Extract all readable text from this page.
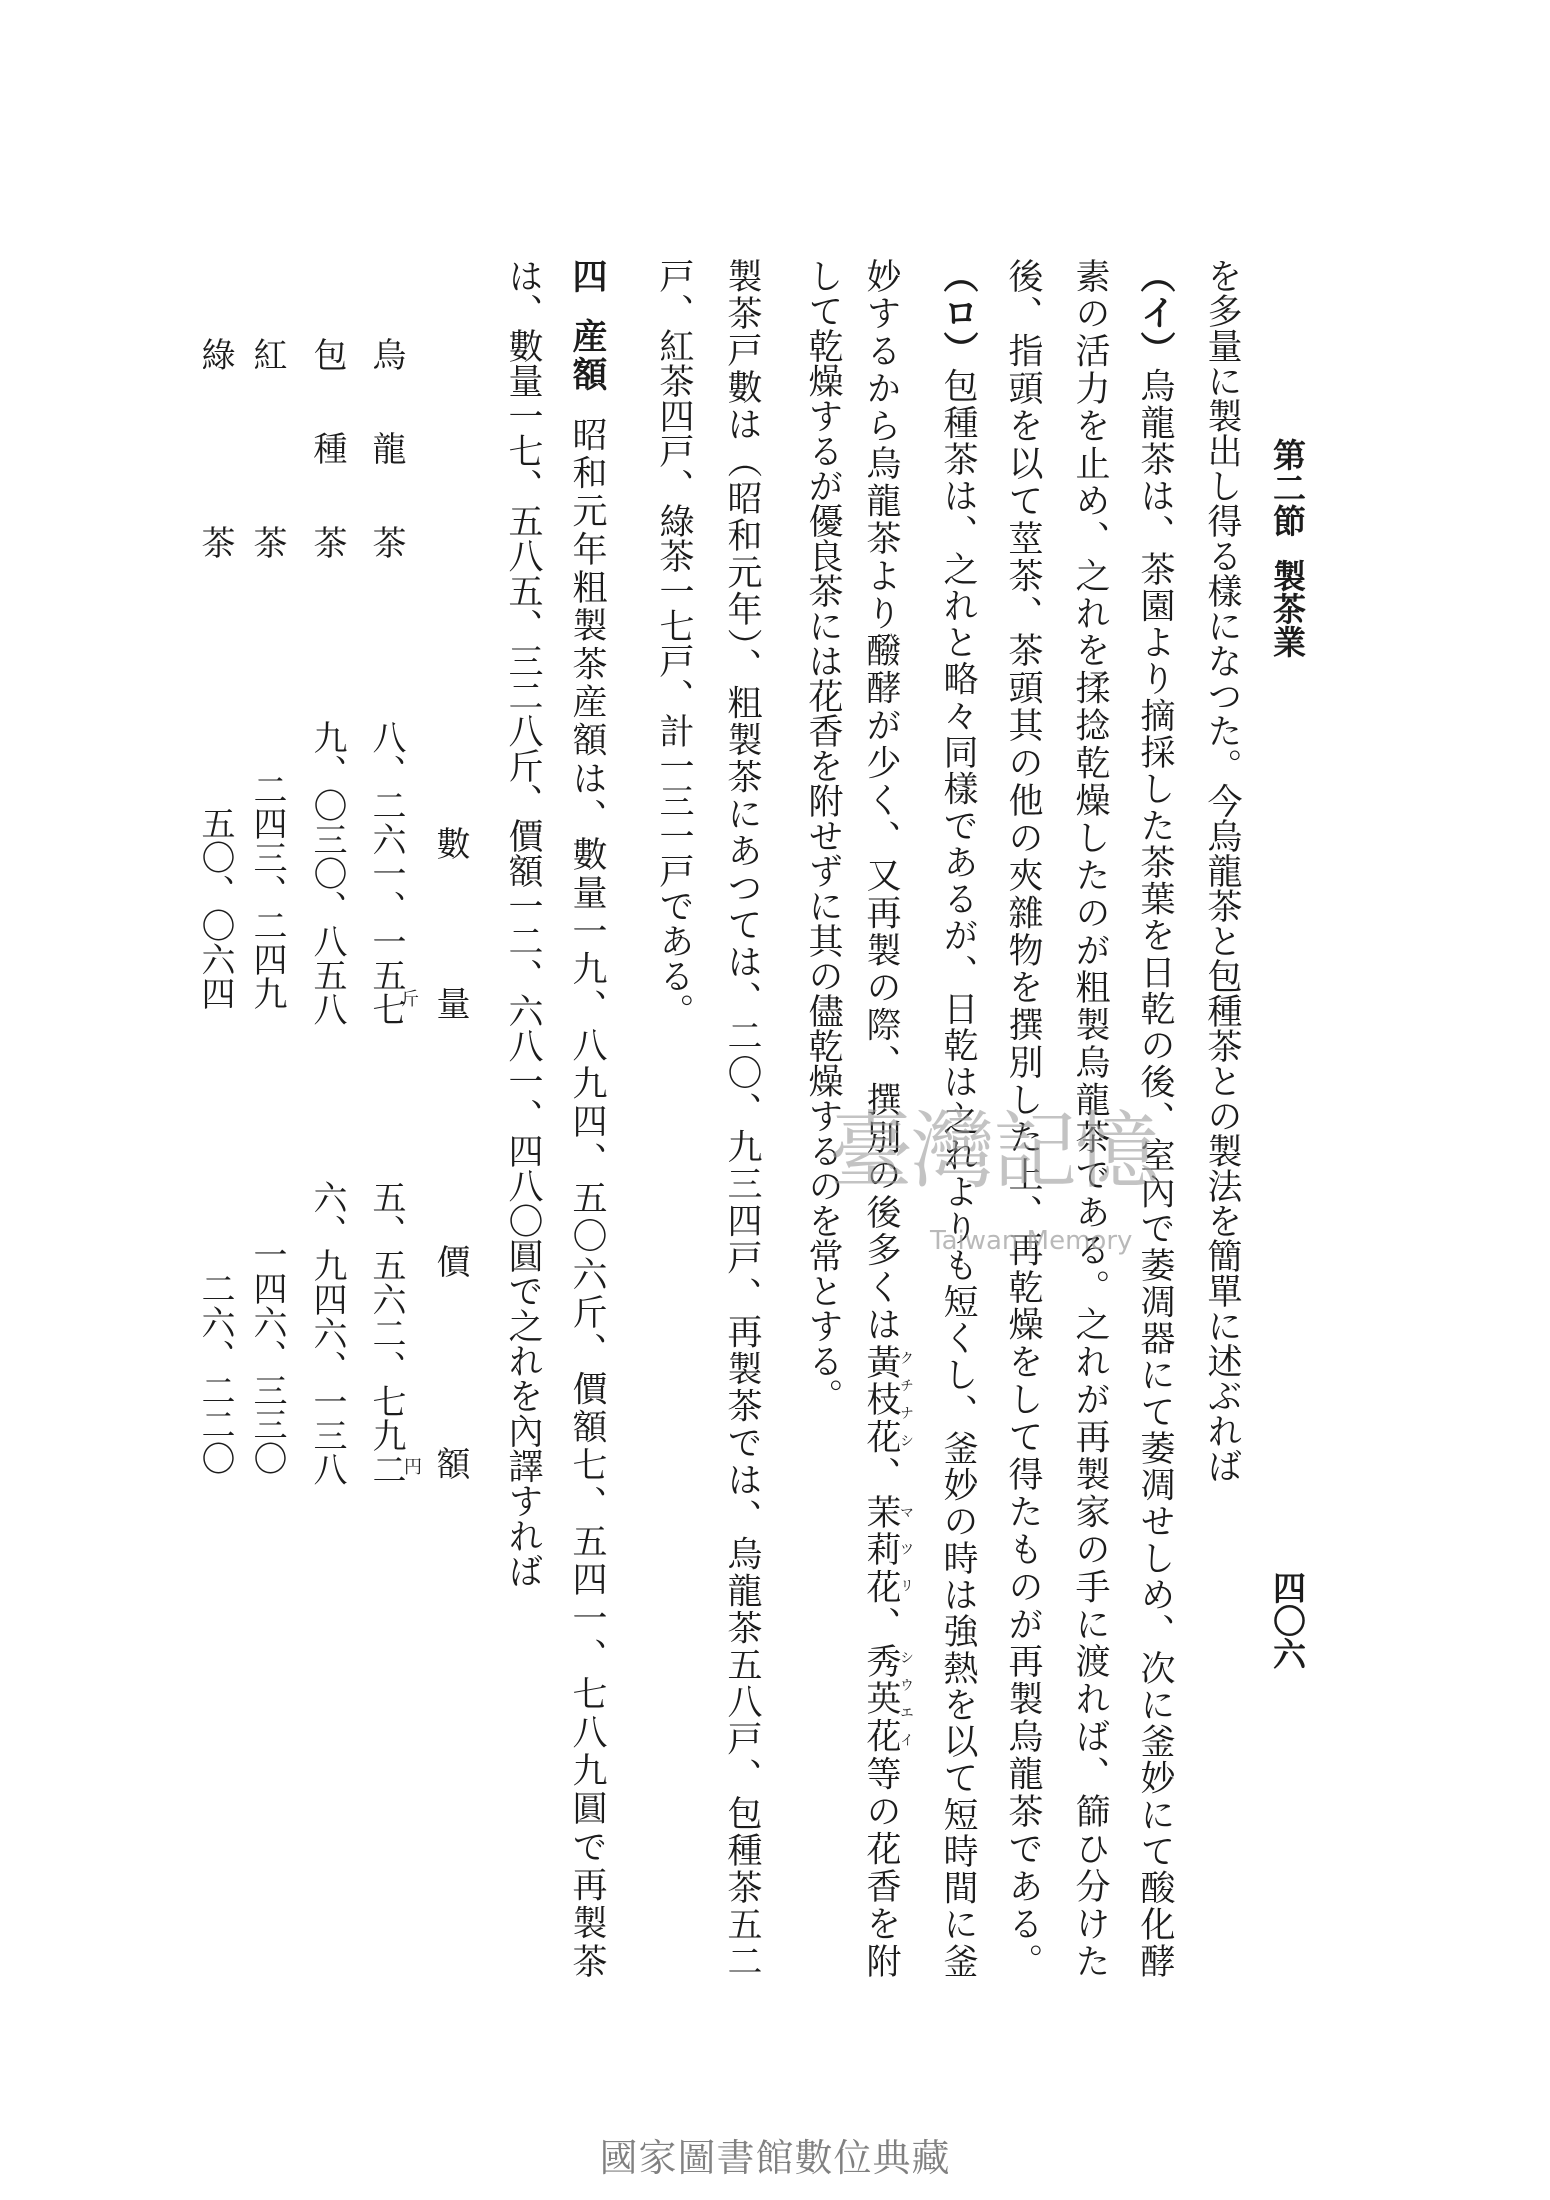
第二節製茶業
四〇六
を多量に製出し得る樣になつた。今烏龍茶と包種茶との製法を簡單に述ぶれば
（イ）烏龍茶は、茶園より摘採した茶葉を日乾の後、室內で萎凋器にて萎凋せしめ、次に釜妙にて酸化酵
素の活力を止め、之れを揉捻乾燥したのが粗製烏龍茶である。之れが再製家の手に渡れば、篩ひ分けた
後、指頭を以て莖茶、茶頭其の他の夾雜物を撰別した上、再乾燥をして得たものが再製烏龍茶である。
（ロ）包種茶は、之れと略々同樣であるが、日乾は之れよりも短くし、釜妙の時は強熱を以て短時間に釜
妙するから烏龍茶より醱酵が少く、又再製の際、撰別の後多くは黃枝花クチナシ、茉莉花マツリ、秀英花シウエイ等の花香を附
して乾燥するが優良茶には花香を附せずに其の儘乾燥するのを常とする。
製茶戸數は（昭和元年）、粗製茶にあつては、二〇、九三四戸、再製茶では、烏龍茶五八戸、包種茶五二
戸、紅茶四戸、綠茶一七戸、計一三一戸である。
四産額昭和元年粗製茶産額は、數量一九、八九四、五〇六斤、價額七、五四一、七八九圓で再製茶
は、數量一七、五八五、三二八斤、價額一二、六八一、四八〇圓で之れを內譯すれば
數量
價額
烏龍茶
八、二六一、一五七
五、五六二、七九二
斤
円
包種茶
九、〇三〇、八五八
六、九四六、一三八
紅茶
二四三、二四九
一四六、三三〇
綠茶
五〇、〇六四
二六、二二〇
臺灣記憶
Taiwan Memory
國家圖書館數位典藏
